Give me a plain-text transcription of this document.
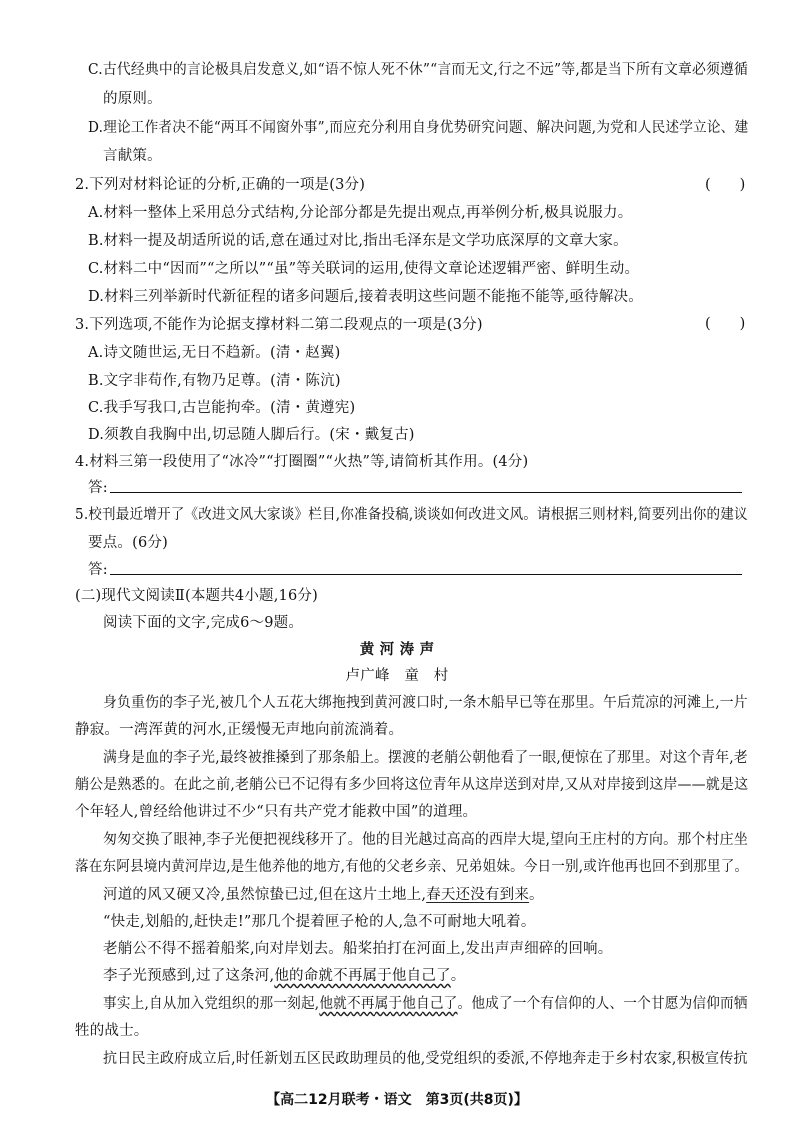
C.古代经典中的言论极具启发意义,如“语不惊人死不休”“言而无文,行之不远”等,都是当下所有文章必须遵循
的原则。
D.理论工作者决不能“两耳不闻窗外事”,而应充分利用自身优势研究问题、解决问题,为党和人民述学立论、建
言献策。
2.下列对材料论证的分析,正确的一项是(3分)	(　　)
A.材料一整体上采用总分式结构,分论部分都是先提出观点,再举例分析,极具说服力。
B.材料一提及胡适所说的话,意在通过对比,指出毛泽东是文学功底深厚的文章大家。
C.材料二中“因而”“之所以”“虽”等关联词的运用,使得文章论述逻辑严密、鲜明生动。
D.材料三列举新时代新征程的诸多问题后,接着表明这些问题不能拖不能等,亟待解决。
3.下列选项,不能作为论据支撑材料二第二段观点的一项是(3分)	(　　)
A.诗文随世运,无日不趋新。(清・赵翼)
B.文字非苟作,有物乃足尊。(清・陈沆)
C.我手写我口,古岂能拘牵。(清・黄遵宪)
D.须教自我胸中出,切忌随人脚后行。(宋・戴复古)
4.材料三第一段使用了“冰冷”“打圈圈”“火热”等,请简析其作用。(4分)
答:
5.校刊最近增开了《改进文风大家谈》栏目,你准备投稿,谈谈如何改进文风。请根据三则材料,简要列出你的建议
要点。(6分)
答:
(二)现代文阅读Ⅱ(本题共4小题,16分)
阅读下面的文字,完成6～9题。
黄 河 涛 声
卢广峰　童　村
身负重伤的李子光,被几个人五花大绑拖拽到黄河渡口时,一条木船早已等在那里。午后荒凉的河滩上,一片
静寂。一湾浑黄的河水,正缓慢无声地向前流淌着。
满身是血的李子光,最终被推搡到了那条船上。摆渡的老艄公朝他看了一眼,便惊在了那里。对这个青年,老
艄公是熟悉的。在此之前,老艄公已不记得有多少回将这位青年从这岸送到对岸,又从对岸接到这岸——就是这
个年轻人,曾经给他讲过不少“只有共产党才能救中国”的道理。
匆匆交换了眼神,李子光便把视线移开了。他的目光越过高高的西岸大堤,望向王庄村的方向。那个村庄坐
落在东阿县境内黄河岸边,是生他养他的地方,有他的父老乡亲、兄弟姐妹。今日一别,或许他再也回不到那里了。
河道的风又硬又冷,虽然惊蛰已过,但在这片土地上,春天还没有到来。
“快走,划船的,赶快走!”那几个提着匣子枪的人,急不可耐地大吼着。
老艄公不得不摇着船桨,向对岸划去。船桨拍打在河面上,发出声声细碎的回响。
李子光预感到,过了这条河,他的命就不再属于他自己了。
事实上,自从加入党组织的那一刻起,他就不再属于他自己了。他成了一个有信仰的人、一个甘愿为信仰而牺
牲的战士。
抗日民主政府成立后,时任新划五区民政助理员的他,受党组织的委派,不停地奔走于乡村农家,积极宣传抗
【高二12月联考・语文　第3页(共8页)】
